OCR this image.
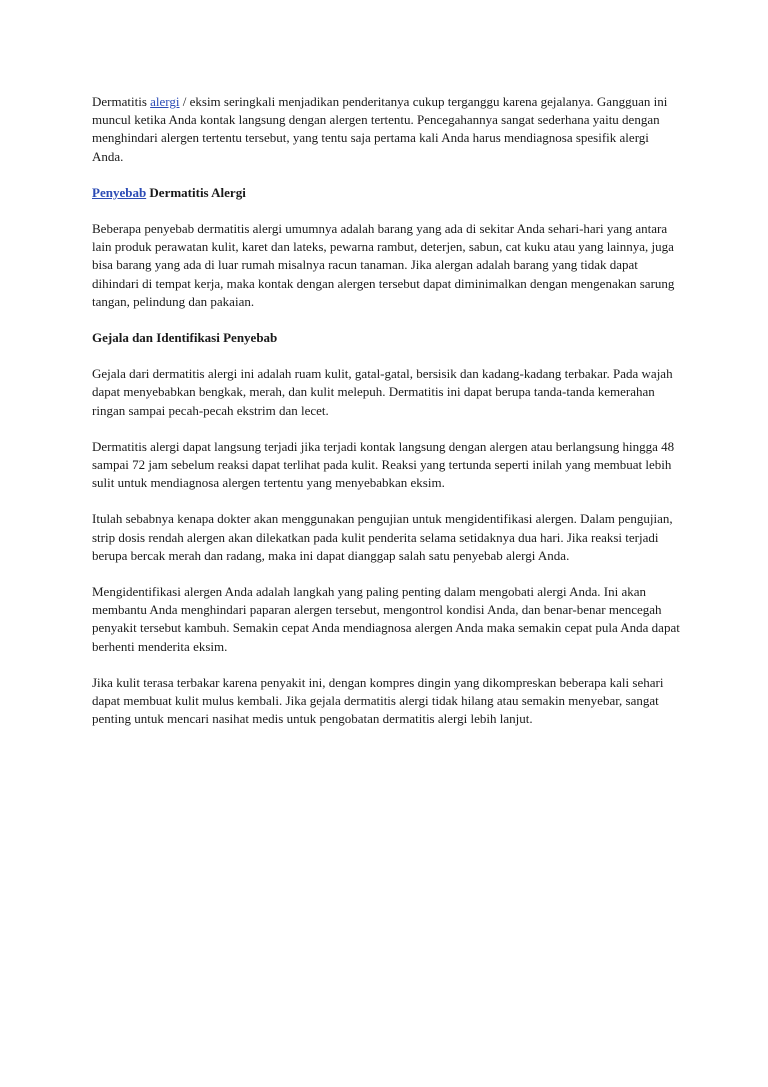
Dermatitis alergi / eksim seringkali menjadikan penderitanya cukup terganggu karena gejalanya. Gangguan ini muncul ketika Anda kontak langsung dengan alergen tertentu. Pencegahannya sangat sederhana yaitu dengan menghindari alergen tertentu tersebut, yang tentu saja pertama kali Anda harus mendiagnosa spesifik alergi Anda.

Penyebab Dermatitis Alergi

Beberapa penyebab dermatitis alergi umumnya adalah barang yang ada di sekitar Anda sehari-hari yang antara lain produk perawatan kulit, karet dan lateks, pewarna rambut, deterjen, sabun, cat kuku atau yang lainnya, juga bisa barang yang ada di luar rumah misalnya racun tanaman. Jika alergan adalah barang yang tidak dapat dihindari di tempat kerja, maka kontak dengan alergen tersebut dapat diminimalkan dengan mengenakan sarung tangan, pelindung dan pakaian.

Gejala dan Identifikasi Penyebab

Gejala dari dermatitis alergi ini adalah ruam kulit, gatal-gatal, bersisik dan kadang-kadang terbakar. Pada wajah dapat menyebabkan bengkak, merah, dan kulit melepuh. Dermatitis ini dapat berupa tanda-tanda kemerahan ringan sampai pecah-pecah ekstrim dan lecet.

Dermatitis alergi dapat langsung terjadi jika terjadi kontak langsung dengan alergen atau berlangsung hingga 48 sampai 72 jam sebelum reaksi dapat terlihat pada kulit. Reaksi yang tertunda seperti inilah yang membuat lebih sulit untuk mendiagnosa alergen tertentu yang menyebabkan eksim.

Itulah sebabnya kenapa dokter akan menggunakan pengujian untuk mengidentifikasi alergen. Dalam pengujian, strip dosis rendah alergen akan dilekatkan pada kulit penderita selama setidaknya dua hari. Jika reaksi terjadi berupa bercak merah dan radang, maka ini dapat dianggap salah satu penyebab alergi Anda.

Mengidentifikasi alergen Anda adalah langkah yang paling penting dalam mengobati alergi Anda. Ini akan membantu Anda menghindari paparan alergen tersebut, mengontrol kondisi Anda, dan benar-benar mencegah penyakit tersebut kambuh. Semakin cepat Anda mendiagnosa alergen Anda maka semakin cepat pula Anda dapat berhenti menderita eksim.

Jika kulit terasa terbakar karena penyakit ini, dengan kompres dingin yang dikompreskan beberapa kali sehari dapat membuat kulit mulus kembali. Jika gejala dermatitis alergi tidak hilang atau semakin menyebar, sangat penting untuk mencari nasihat medis untuk pengobatan dermatitis alergi lebih lanjut.
